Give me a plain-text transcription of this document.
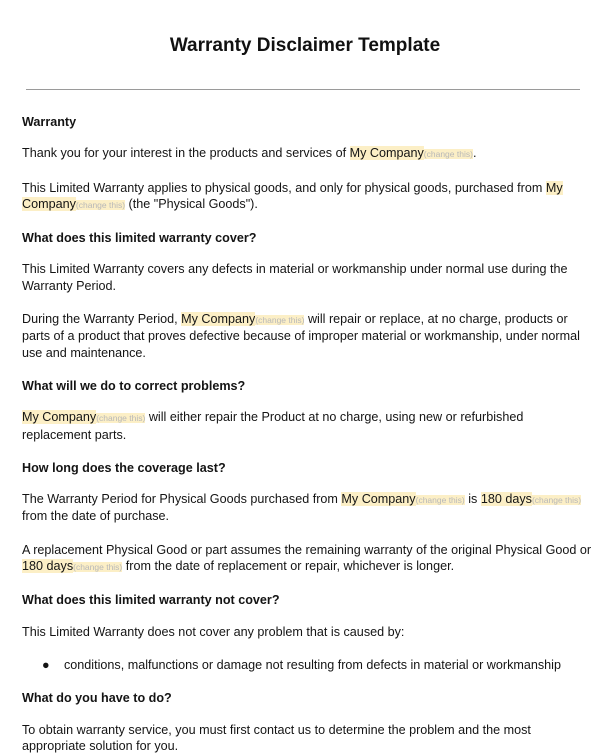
Warranty Disclaimer Template
Warranty

Thank you for your interest in the products and services of My Company(change this).

This Limited Warranty applies to physical goods, and only for physical goods, purchased from My Company(change this) (the "Physical Goods").

What does this limited warranty cover?

This Limited Warranty covers any defects in material or workmanship under normal use during the Warranty Period.

During the Warranty Period, My Company(change this) will repair or replace, at no charge, products or parts of a product that proves defective because of improper material or workmanship, under normal use and maintenance.

What will we do to correct problems?

My Company(change this) will either repair the Product at no charge, using new or refurbished replacement parts.

How long does the coverage last?

The Warranty Period for Physical Goods purchased from My Company(change this) is 180 days(change this) from the date of purchase.

A replacement Physical Good or part assumes the remaining warranty of the original Physical Good or 180 days(change this) from the date of replacement or repair, whichever is longer.

What does this limited warranty not cover?

This Limited Warranty does not cover any problem that is caused by:

● conditions, malfunctions or damage not resulting from defects in material or workmanship
What do you have to do?

To obtain warranty service, you must first contact us to determine the problem and the most appropriate solution for you.
